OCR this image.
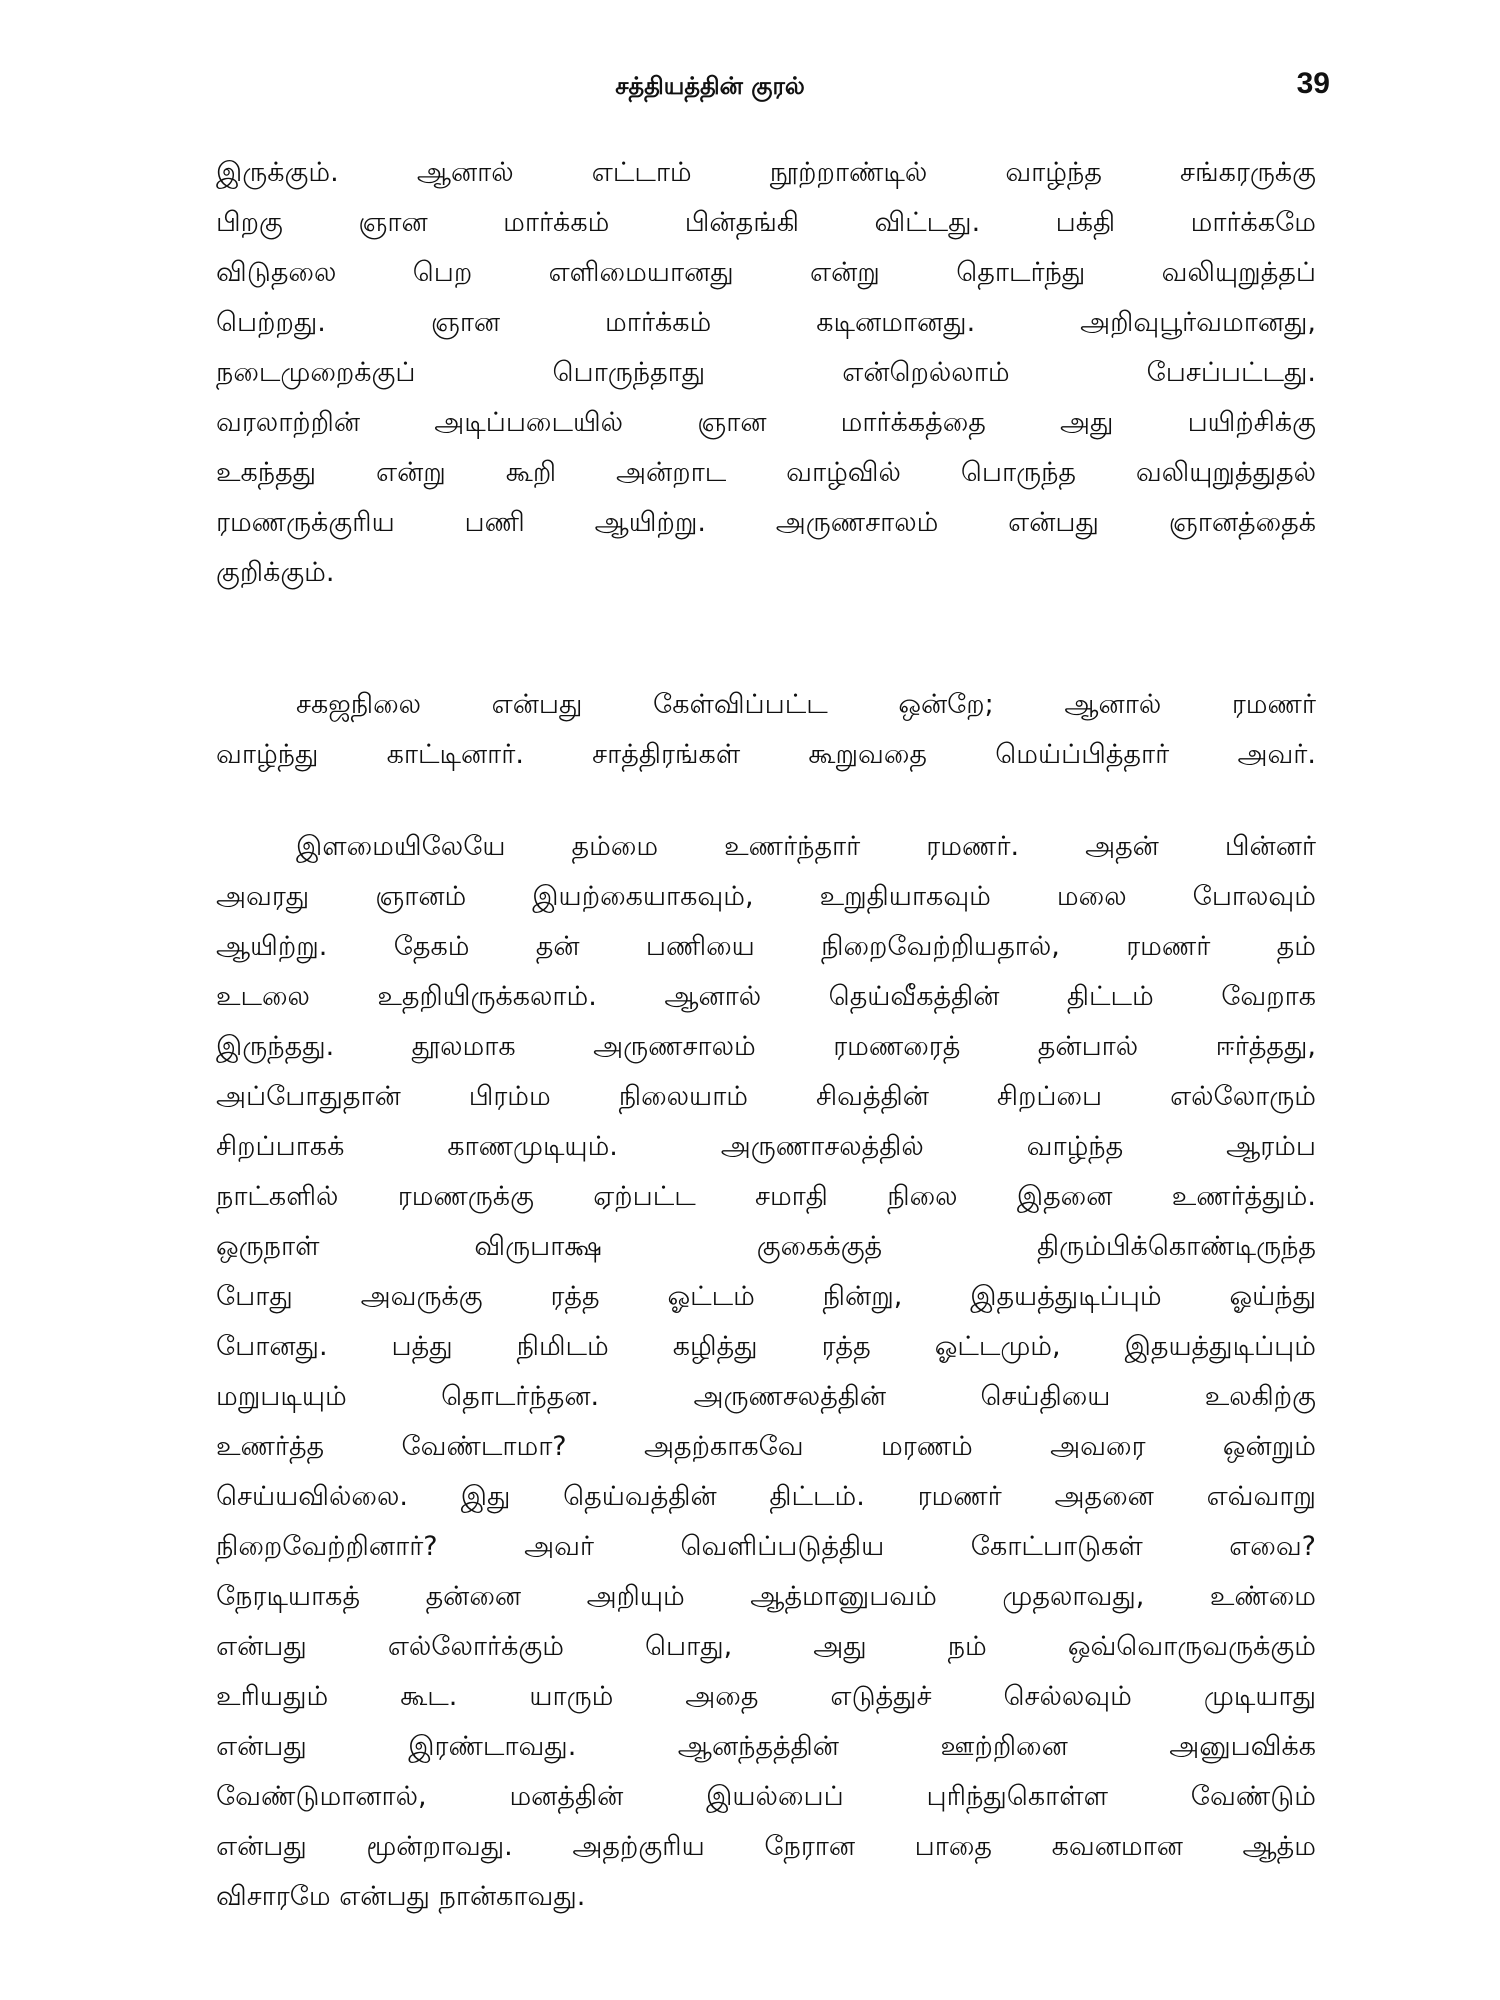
சத்தியத்தின் குரல்	39
இருக்கும். ஆனால் எட்டாம் நூற்றாண்டில் வாழ்ந்த சங்கரருக்கு
பிறகு ஞான மார்க்கம் பின்தங்கி விட்டது. பக்தி மார்க்கமே
விடுதலை பெற எளிமையானது என்று தொடர்ந்து வலியுறுத்தப்
பெற்றது. ஞான மார்க்கம் கடினமானது. அறிவுபூர்வமானது,
நடைமுறைக்குப் பொருந்தாது என்றெல்லாம் பேசப்பட்டது.
வரலாற்றின் அடிப்படையில் ஞான மார்க்கத்தை அது பயிற்சிக்கு
உகந்தது என்று கூறி அன்றாட வாழ்வில் பொருந்த வலியுறுத்துதல்
ரமணருக்குரிய பணி ஆயிற்று. அருணசாலம் என்பது ஞானத்தைக்
குறிக்கும்.
சகஜநிலை என்பது கேள்விப்பட்ட ஒன்றே; ஆனால் ரமணர்
வாழ்ந்து காட்டினார். சாத்திரங்கள் கூறுவதை மெய்ப்பித்தார் அவர்.
இளமையிலேயே தம்மை உணர்ந்தார் ரமணர். அதன் பின்னர்
அவரது ஞானம் இயற்கையாகவும், உறுதியாகவும் மலை போலவும்
ஆயிற்று. தேகம் தன் பணியை நிறைவேற்றியதால், ரமணர் தம்
உடலை உதறியிருக்கலாம். ஆனால் தெய்வீகத்தின் திட்டம் வேறாக
இருந்தது. தூலமாக அருணசாலம் ரமணரைத் தன்பால் ஈர்த்தது,
அப்போதுதான் பிரம்ம நிலையாம் சிவத்தின் சிறப்பை எல்லோரும்
சிறப்பாகக் காணமுடியும். அருணாசலத்தில் வாழ்ந்த ஆரம்ப
நாட்களில் ரமணருக்கு ஏற்பட்ட சமாதி நிலை இதனை உணர்த்தும்.
ஒருநாள் விருபாக்ஷ குகைக்குத் திரும்பிக்கொண்டிருந்த
போது அவருக்கு ரத்த ஓட்டம் நின்று, இதயத்துடிப்பும் ஓய்ந்து
போனது. பத்து நிமிடம் கழித்து ரத்த ஓட்டமும், இதயத்துடிப்பும்
மறுபடியும் தொடர்ந்தன. அருணசலத்தின் செய்தியை உலகிற்கு
உணர்த்த வேண்டாமா? அதற்காகவே மரணம் அவரை ஒன்றும்
செய்யவில்லை. இது தெய்வத்தின் திட்டம். ரமணர் அதனை எவ்வாறு
நிறைவேற்றினார்? அவர் வெளிப்படுத்திய கோட்பாடுகள் எவை?
நேரடியாகத் தன்னை அறியும் ஆத்மானுபவம் முதலாவது, உண்மை
என்பது எல்லோர்க்கும் பொது, அது நம் ஒவ்வொருவருக்கும்
உரியதும் கூட. யாரும் அதை எடுத்துச் செல்லவும் முடியாது
என்பது இரண்டாவது. ஆனந்தத்தின் ஊற்றினை அனுபவிக்க
வேண்டுமானால், மனத்தின் இயல்பைப் புரிந்துகொள்ள வேண்டும்
என்பது மூன்றாவது. அதற்குரிய நேரான பாதை கவனமான ஆத்ம
விசாரமே என்பது நான்காவது.
